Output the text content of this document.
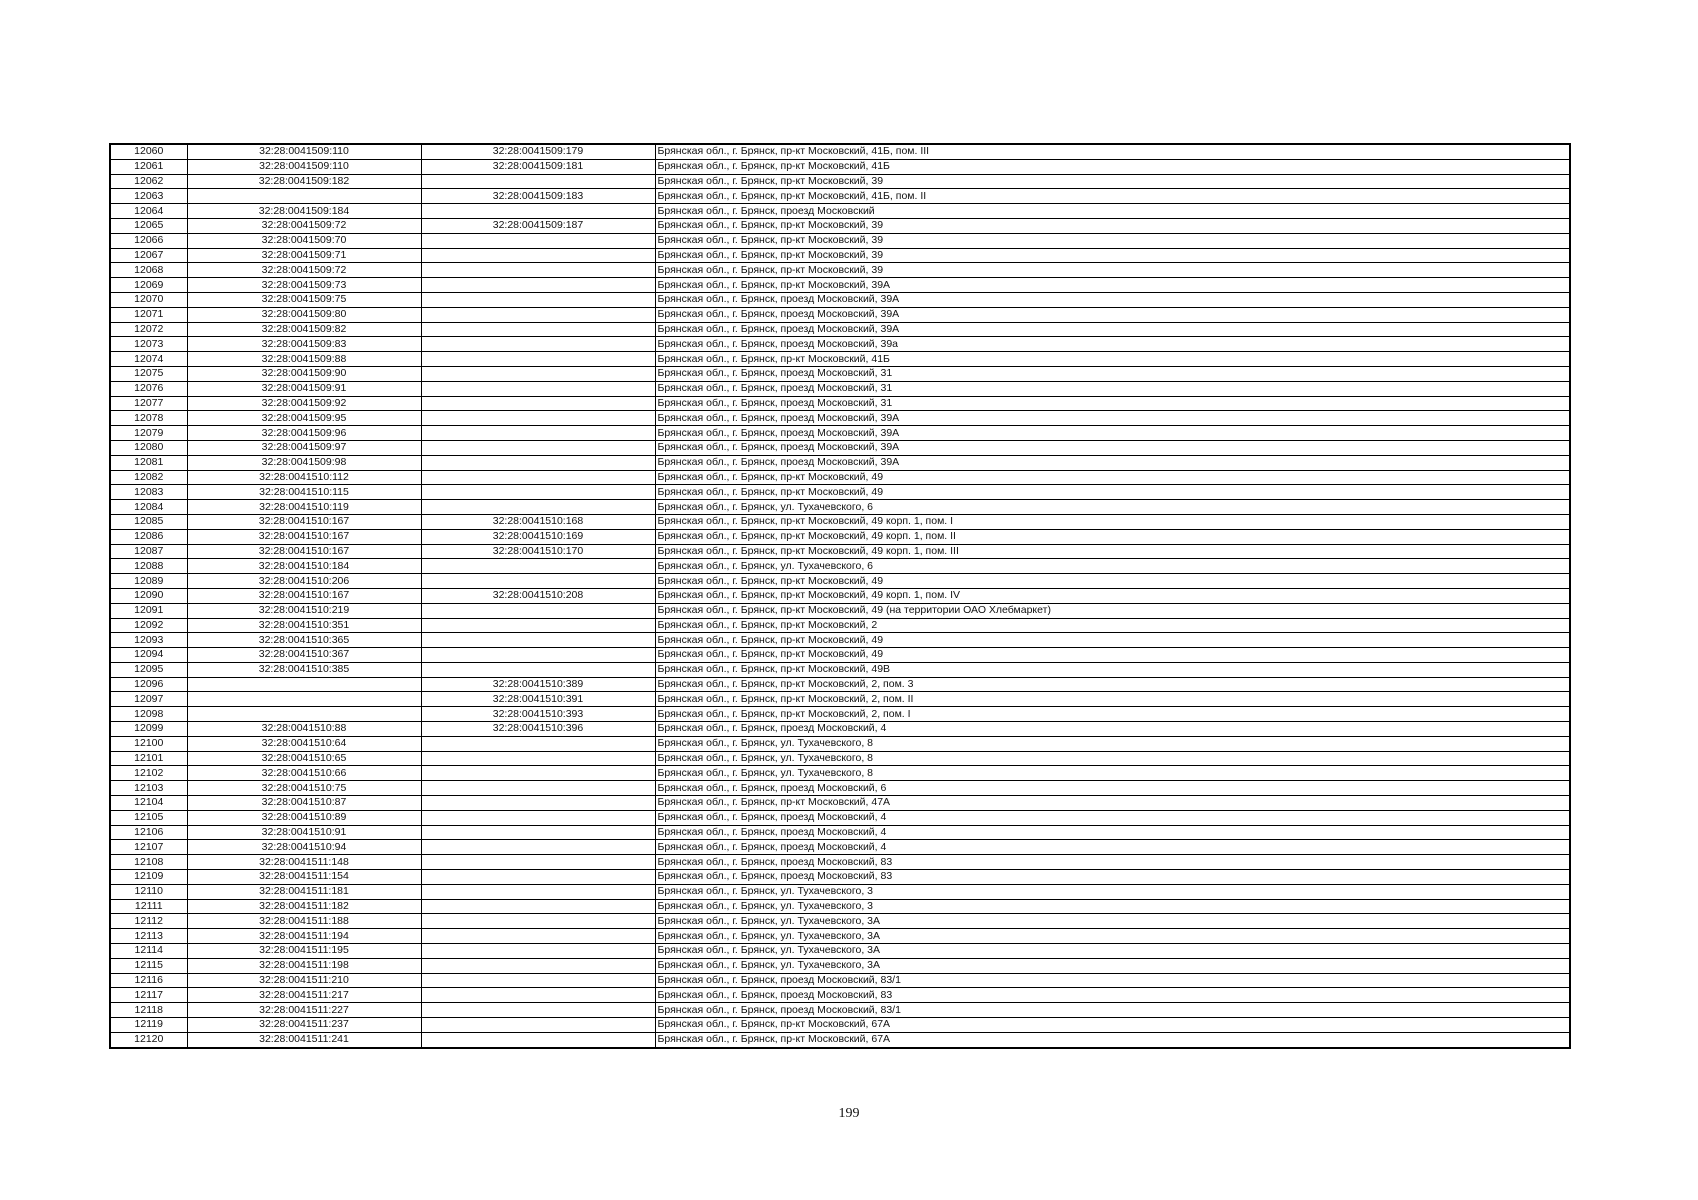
12060	32:28:0041509:110	32:28:0041509:179	Брянская обл., г. Брянск, пр-кт Московский, 41Б, пом. III
12061	32:28:0041509:110	32:28:0041509:181	Брянская обл., г. Брянск, пр-кт Московский, 41Б
12062	32:28:0041509:182		Брянская обл., г. Брянск, пр-кт Московский, 39
12063		32:28:0041509:183	Брянская обл., г. Брянск, пр-кт Московский, 41Б, пом. II
12064	32:28:0041509:184		Брянская обл., г. Брянск, проезд Московский
12065	32:28:0041509:72	32:28:0041509:187	Брянская обл., г. Брянск, пр-кт Московский, 39
12066	32:28:0041509:70		Брянская обл., г. Брянск, пр-кт Московский, 39
12067	32:28:0041509:71		Брянская обл., г. Брянск, пр-кт Московский, 39
12068	32:28:0041509:72		Брянская обл., г. Брянск, пр-кт Московский, 39
12069	32:28:0041509:73		Брянская обл., г. Брянск, пр-кт Московский, 39А
12070	32:28:0041509:75		Брянская обл., г. Брянск, проезд Московский, 39А
12071	32:28:0041509:80		Брянская обл., г. Брянск, проезд Московский, 39А
12072	32:28:0041509:82		Брянская обл., г. Брянск, проезд Московский, 39А
12073	32:28:0041509:83		Брянская обл., г. Брянск, проезд Московский, 39а
12074	32:28:0041509:88		Брянская обл., г. Брянск, пр-кт Московский, 41Б
12075	32:28:0041509:90		Брянская обл., г. Брянск, проезд Московский, 31
12076	32:28:0041509:91		Брянская обл., г. Брянск, проезд Московский, 31
12077	32:28:0041509:92		Брянская обл., г. Брянск, проезд Московский, 31
12078	32:28:0041509:95		Брянская обл., г. Брянск, проезд Московский, 39А
12079	32:28:0041509:96		Брянская обл., г. Брянск, проезд Московский, 39А
12080	32:28:0041509:97		Брянская обл., г. Брянск, проезд Московский, 39А
12081	32:28:0041509:98		Брянская обл., г. Брянск, проезд Московский, 39А
12082	32:28:0041510:112		Брянская обл., г. Брянск, пр-кт Московский, 49
12083	32:28:0041510:115		Брянская обл., г. Брянск, пр-кт Московский, 49
12084	32:28:0041510:119		Брянская обл., г. Брянск, ул. Тухачевского, 6
12085	32:28:0041510:167	32:28:0041510:168	Брянская обл., г. Брянск, пр-кт Московский, 49 корп. 1, пом. I
12086	32:28:0041510:167	32:28:0041510:169	Брянская обл., г. Брянск, пр-кт Московский, 49 корп. 1, пом. II
12087	32:28:0041510:167	32:28:0041510:170	Брянская обл., г. Брянск, пр-кт Московский, 49 корп. 1, пом. III
12088	32:28:0041510:184		Брянская обл., г. Брянск, ул. Тухачевского, 6
12089	32:28:0041510:206		Брянская обл., г. Брянск, пр-кт Московский, 49
12090	32:28:0041510:167	32:28:0041510:208	Брянская обл., г. Брянск, пр-кт Московский, 49 корп. 1, пом. IV
12091	32:28:0041510:219		Брянская обл., г. Брянск, пр-кт Московский, 49 (на территории ОАО Хлебмаркет)
12092	32:28:0041510:351		Брянская обл., г. Брянск, пр-кт Московский, 2
12093	32:28:0041510:365		Брянская обл., г. Брянск, пр-кт Московский, 49
12094	32:28:0041510:367		Брянская обл., г. Брянск, пр-кт Московский, 49
12095	32:28:0041510:385		Брянская обл., г. Брянск, пр-кт Московский, 49В
12096		32:28:0041510:389	Брянская обл., г. Брянск, пр-кт Московский, 2, пом. 3
12097		32:28:0041510:391	Брянская обл., г. Брянск, пр-кт Московский, 2, пом. II
12098		32:28:0041510:393	Брянская обл., г. Брянск, пр-кт Московский, 2, пом. I
12099	32:28:0041510:88	32:28:0041510:396	Брянская обл., г. Брянск, проезд Московский, 4
12100	32:28:0041510:64		Брянская обл., г. Брянск, ул. Тухачевского, 8
12101	32:28:0041510:65		Брянская обл., г. Брянск, ул. Тухачевского, 8
12102	32:28:0041510:66		Брянская обл., г. Брянск, ул. Тухачевского, 8
12103	32:28:0041510:75		Брянская обл., г. Брянск, проезд Московский, 6
12104	32:28:0041510:87		Брянская обл., г. Брянск, пр-кт Московский, 47А
12105	32:28:0041510:89		Брянская обл., г. Брянск, проезд Московский, 4
12106	32:28:0041510:91		Брянская обл., г. Брянск, проезд Московский, 4
12107	32:28:0041510:94		Брянская обл., г. Брянск, проезд Московский, 4
12108	32:28:0041511:148		Брянская обл., г. Брянск, проезд Московский, 83
12109	32:28:0041511:154		Брянская обл., г. Брянск, проезд Московский, 83
12110	32:28:0041511:181		Брянская обл., г. Брянск, ул. Тухачевского, 3
12111	32:28:0041511:182		Брянская обл., г. Брянск, ул. Тухачевского, 3
12112	32:28:0041511:188		Брянская обл., г. Брянск, ул. Тухачевского, 3А
12113	32:28:0041511:194		Брянская обл., г. Брянск, ул. Тухачевского, 3А
12114	32:28:0041511:195		Брянская обл., г. Брянск, ул. Тухачевского, 3А
12115	32:28:0041511:198		Брянская обл., г. Брянск, ул. Тухачевского, 3А
12116	32:28:0041511:210		Брянская обл., г. Брянск, проезд Московский, 83/1
12117	32:28:0041511:217		Брянская обл., г. Брянск, проезд Московский, 83
12118	32:28:0041511:227		Брянская обл., г. Брянск, проезд Московский, 83/1
12119	32:28:0041511:237		Брянская обл., г. Брянск, пр-кт Московский, 67А
12120	32:28:0041511:241		Брянская обл., г. Брянск, пр-кт Московский, 67А
199
